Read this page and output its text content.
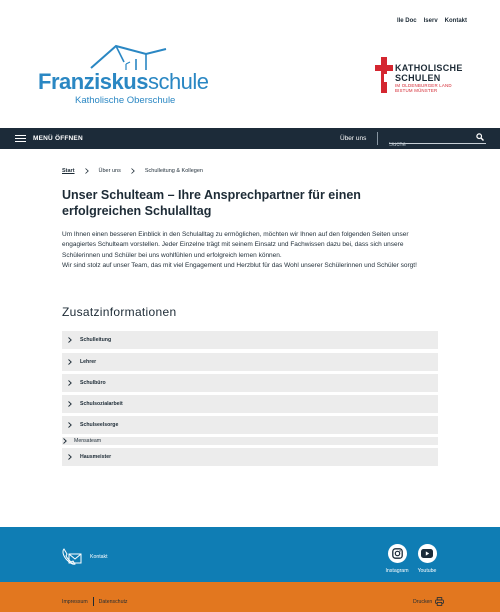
Ile Doc Iserv Kontakt
Franziskusschule
Katholische Oberschule
KATHOLISCHE
SCHULEN
IM OLDENBURGER LAND
BISTUM MÜNSTER
MENÜ ÖFFNEN	Über uns
Suche
Start	Über uns	Schulleitung & Kollegen
Unser Schulteam – Ihre Ansprechpartner für einen erfolgreichen Schulalltag

Um Ihnen einen besseren Einblick in den Schulalltag zu ermöglichen, möchten wir Ihnen auf den folgenden Seiten unser engagiertes Schulteam vorstellen. Jeder Einzelne trägt mit seinem Einsatz und Fachwissen dazu bei, dass sich unsere Schülerinnen und Schüler bei uns wohlfühlen und erfolgreich lernen können.
Wir sind stolz auf unser Team, das mit viel Engagement und Herzblut für das Wohl unserer Schülerinnen und Schüler sorgt!

Zusatzinformationen
Schulleitung
Lehrer
Schulbüro
Schulsozialarbeit
Schulseelsorge
Mensateam
Hausmeister
Kontakt
Instagram	Youtube
Impressum Datenschutz	Drucken
